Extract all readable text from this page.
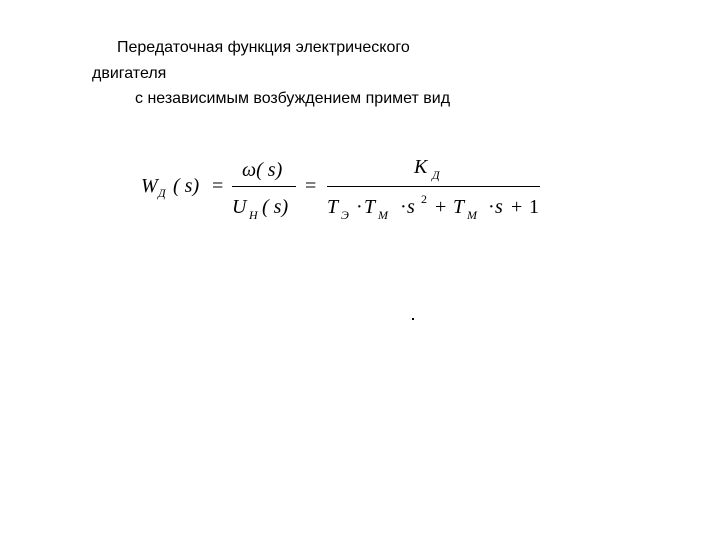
Передаточная функция электрического
двигателя
с независимым возбуждением примет вид
W Д ( s) =
ω( s)
U Н ( s)
=
K Д
T Э · T М · s 2 + T М · s + 1
